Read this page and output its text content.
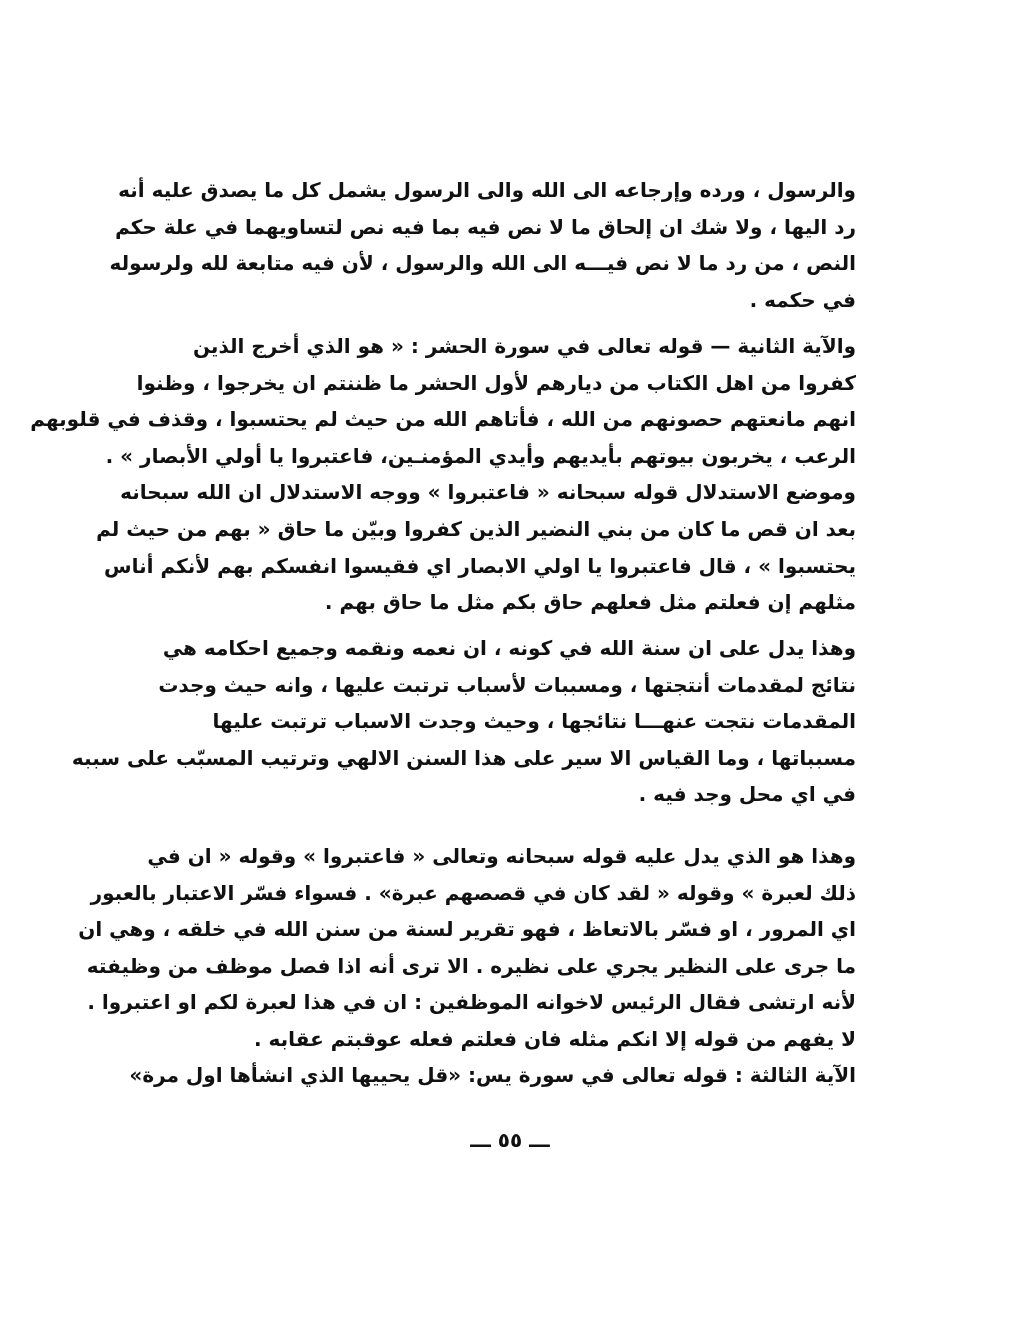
والرسول ، ورده وإرجاعه الى الله والى الرسول يشمل كل ما يصدق عليه أنه
رد اليها ، ولا شك ان إلحاق ما لا نص فيه بما فيه نص لتساويهما في علة حكم
النص ، من رد ما لا نص فيـــه الى الله والرسول ، لأن فيه متابعة لله ولرسوله
في حكمه .
والآية الثانية — قوله تعالى في سورة الحشر : « هو الذي أخرج الذين
كفروا من اهل الكتاب من ديارهم لأول الحشر ما ظننتم ان يخرجوا ، وظنوا
انهم مانعتهم حصونهم من الله ، فأتاهم الله من حيث لم يحتسبوا ، وقذف في قلوبهم
الرعب ، يخربون بيوتهم بأيديهم وأيدي المؤمنـين، فاعتبروا يا أولي الأبصار » .
وموضع الاستدلال قوله سبحانه « فاعتبروا » ووجه الاستدلال ان الله سبحانه
بعد ان قص ما كان من بني النضير الذين كفروا وبيّن ما حاق « بهم من حيث لم
يحتسبوا » ، قال فاعتبروا يا اولي الابصار اي فقيسوا انفسكم بهم لأنكم أناس
مثلهم إن فعلتم مثل فعلهم حاق بكم مثل ما حاق بهم .
وهذا يدل على ان سنة الله في كونه ، ان نعمه ونقمه وجميع احكامه هي
نتائج لمقدمات أنتجتها ، ومسببات لأسباب ترتبت عليها ، وانه حيث وجدت
المقدمات نتجت عنهـــا نتائجها ، وحيث وجدت الاسباب ترتبت عليها
مسبباتها ، وما القياس الا سير على هذا السنن الالهي وترتيب المسبّب على سببه
في اي محل وجد فيه .
وهذا هو الذي يدل عليه قوله سبحانه وتعالى « فاعتبروا » وقوله « ان في
ذلك لعبرة » وقوله « لقد كان في قصصهم عبرة» . فسواء فسّر الاعتبار بالعبور
اي المرور ، او فسّر بالاتعاظ ، فهو تقرير لسنة من سنن الله في خلقه ، وهي ان
ما جرى على النظير يجري على نظيره . الا ترى أنه اذا فصل موظف من وظيفته
لأنه ارتشى فقال الرئيس لاخوانه الموظفين : ان في هذا لعبرة لكم او اعتبروا .
لا يفهم من قوله إلا انكم مثله فان فعلتم فعله عوقبتم عقابه .
الآية الثالثة : قوله تعالى في سورة يس: «قل يحييها الذي انشأها اول مرة»
ـــ ٥٥ ـــ
